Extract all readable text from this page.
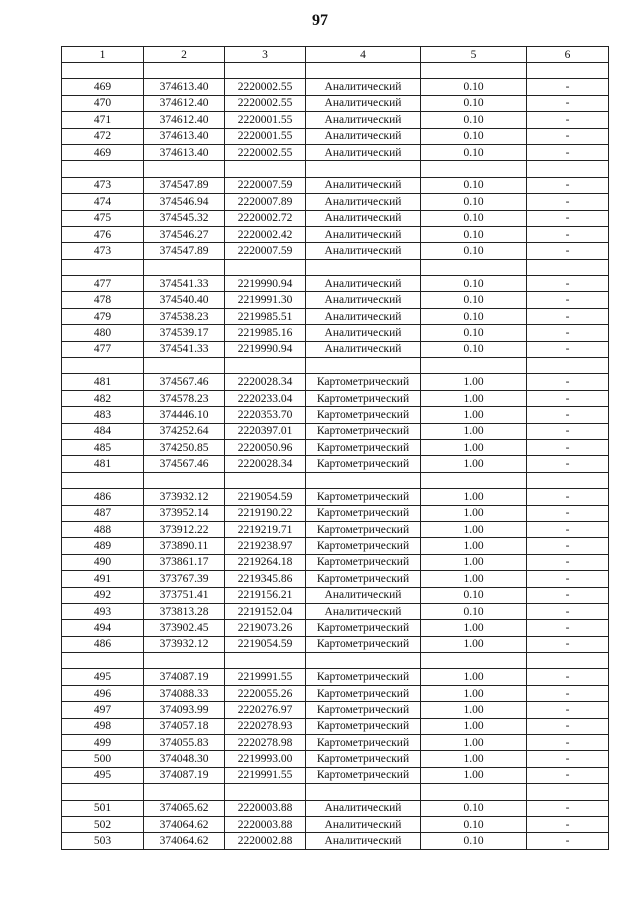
97
1	2	3	4	5	6

469	374613.40	2220002.55	Аналитический	0.10	-
470	374612.40	2220002.55	Аналитический	0.10	-
471	374612.40	2220001.55	Аналитический	0.10	-
472	374613.40	2220001.55	Аналитический	0.10	-
469	374613.40	2220002.55	Аналитический	0.10	-

473	374547.89	2220007.59	Аналитический	0.10	-
474	374546.94	2220007.89	Аналитический	0.10	-
475	374545.32	2220002.72	Аналитический	0.10	-
476	374546.27	2220002.42	Аналитический	0.10	-
473	374547.89	2220007.59	Аналитический	0.10	-

477	374541.33	2219990.94	Аналитический	0.10	-
478	374540.40	2219991.30	Аналитический	0.10	-
479	374538.23	2219985.51	Аналитический	0.10	-
480	374539.17	2219985.16	Аналитический	0.10	-
477	374541.33	2219990.94	Аналитический	0.10	-

481	374567.46	2220028.34	Картометрический	1.00	-
482	374578.23	2220233.04	Картометрический	1.00	-
483	374446.10	2220353.70	Картометрический	1.00	-
484	374252.64	2220397.01	Картометрический	1.00	-
485	374250.85	2220050.96	Картометрический	1.00	-
481	374567.46	2220028.34	Картометрический	1.00	-

486	373932.12	2219054.59	Картометрический	1.00	-
487	373952.14	2219190.22	Картометрический	1.00	-
488	373912.22	2219219.71	Картометрический	1.00	-
489	373890.11	2219238.97	Картометрический	1.00	-
490	373861.17	2219264.18	Картометрический	1.00	-
491	373767.39	2219345.86	Картометрический	1.00	-
492	373751.41	2219156.21	Аналитический	0.10	-
493	373813.28	2219152.04	Аналитический	0.10	-
494	373902.45	2219073.26	Картометрический	1.00	-
486	373932.12	2219054.59	Картометрический	1.00	-

495	374087.19	2219991.55	Картометрический	1.00	-
496	374088.33	2220055.26	Картометрический	1.00	-
497	374093.99	2220276.97	Картометрический	1.00	-
498	374057.18	2220278.93	Картометрический	1.00	-
499	374055.83	2220278.98	Картометрический	1.00	-
500	374048.30	2219993.00	Картометрический	1.00	-
495	374087.19	2219991.55	Картометрический	1.00	-

501	374065.62	2220003.88	Аналитический	0.10	-
502	374064.62	2220003.88	Аналитический	0.10	-
503	374064.62	2220002.88	Аналитический	0.10	-
